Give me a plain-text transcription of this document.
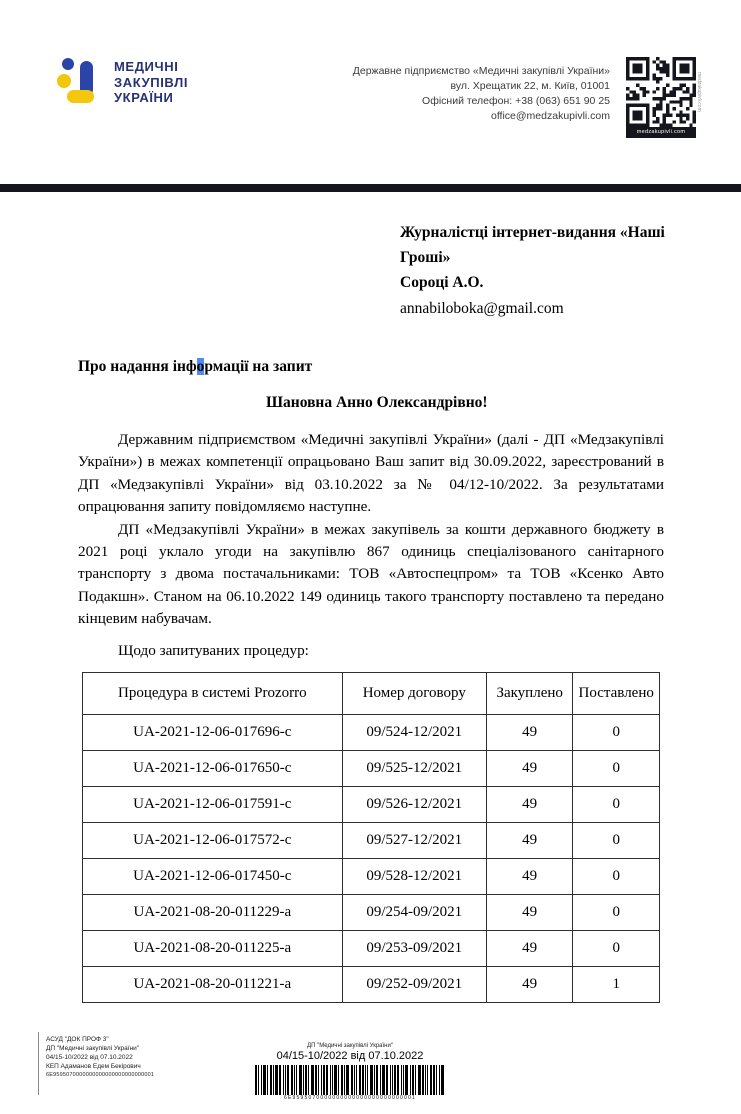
МЕДИЧНІ
ЗАКУПІВЛІ
УКРАЇНИ
Державне підприємство «Медичні закупівлі України»
вул. Хрещатик 22, м. Київ, 01001
Офісний телефон: +38 (063) 651 90 25
office@medzakupivli.com
medzakupivli.com
medzakupivli.com
Журналістці інтернет-видання «Наші
Гроші»
Сороці А.О.
annabiloboka@gmail.com
Про надання інформації на запит
Шановна Анно Олександрівно!

Державним підприємством «Медичні закупівлі України» (далі - ДП «Медзакупівлі України») в межах компетенції опрацьовано Ваш запит від 30.09.2022, зареєстрований в ДП «Медзакупівлі України» від 03.10.2022 за № 04/12-10/2022. За результатами опрацювання запиту повідомляємо наступне.

ДП «Медзакупівлі України» в межах закупівель за кошти державного бюджету в 2021 році уклало угоди на закупівлю 867 одиниць спеціалізованого санітарного транспорту з двома постачальниками: ТОВ «Автоспецпром» та ТОВ «Ксенко Авто Подакшн». Станом на 06.10.2022 149 одиниць такого транспорту поставлено та передано кінцевим набувачам.

Щодо запитуваних процедур:

Процедура в системі Prozorro	Номер договору	Закуплено	Поставлено
UA-2021-12-06-017696-c	09/524-12/2021	49	0
UA-2021-12-06-017650-c	09/525-12/2021	49	0
UA-2021-12-06-017591-c	09/526-12/2021	49	0
UA-2021-12-06-017572-c	09/527-12/2021	49	0
UA-2021-12-06-017450-c	09/528-12/2021	49	0
UA-2021-08-20-011229-a	09/254-09/2021	49	0
UA-2021-08-20-011225-a	09/253-09/2021	49	0
UA-2021-08-20-011221-a	09/252-09/2021	49	1
АСУД "ДОК ПРОФ 3"
ДП "Медичні закупівлі України"
04/15-10/2022 від 07.10.2022
КЕП Адаманов Едем Бекірович
6Е9595070000000000000000000000001
ДП "Медичні закупівлі України"
04/15-10/2022 від 07.10.2022
6Е9595070000000000000000000000001
